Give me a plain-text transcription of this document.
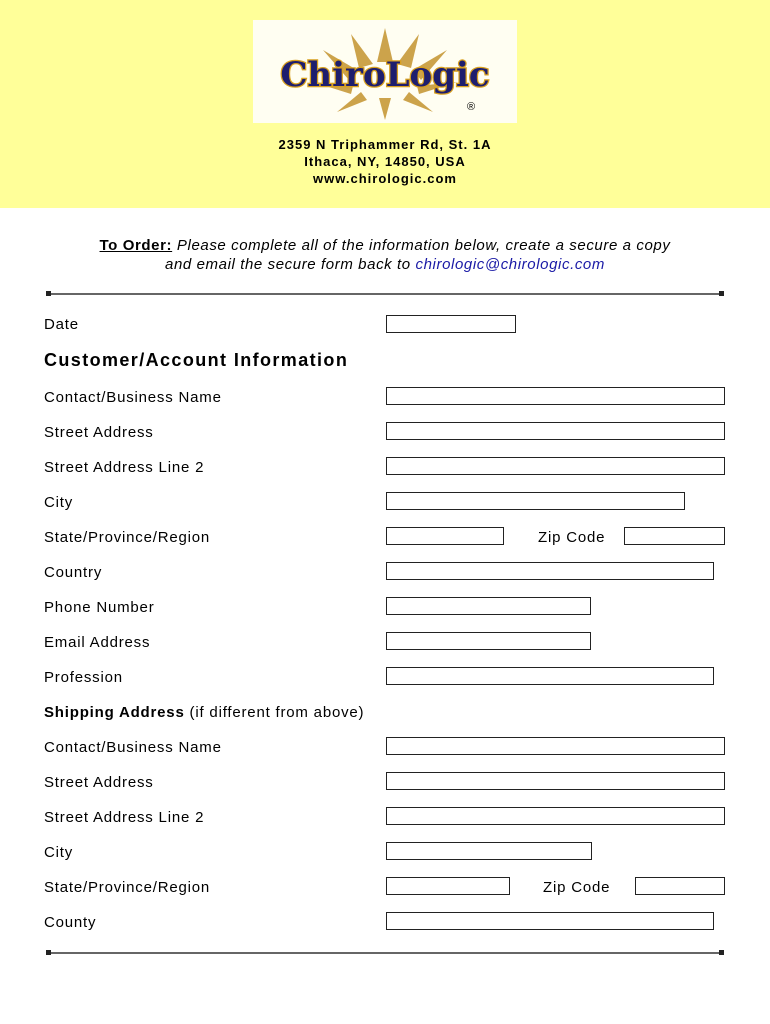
ChiroLogic
®
2359 N Triphammer Rd, St. 1A
Ithaca, NY, 14850, USA
www.chirologic.com
To Order: Please complete all of the information below, create a secure a copy
and email the secure form back to chirologic@chirologic.com
Date
Customer/Account Information
Contact/Business Name
Street Address
Street Address Line 2
City
State/Province/Region	Zip Code
Country
Phone Number
Email Address
Profession
Shipping Address (if different from above)
Contact/Business Name
Street Address
Street Address Line 2
City
State/Province/Region	Zip Code
County
